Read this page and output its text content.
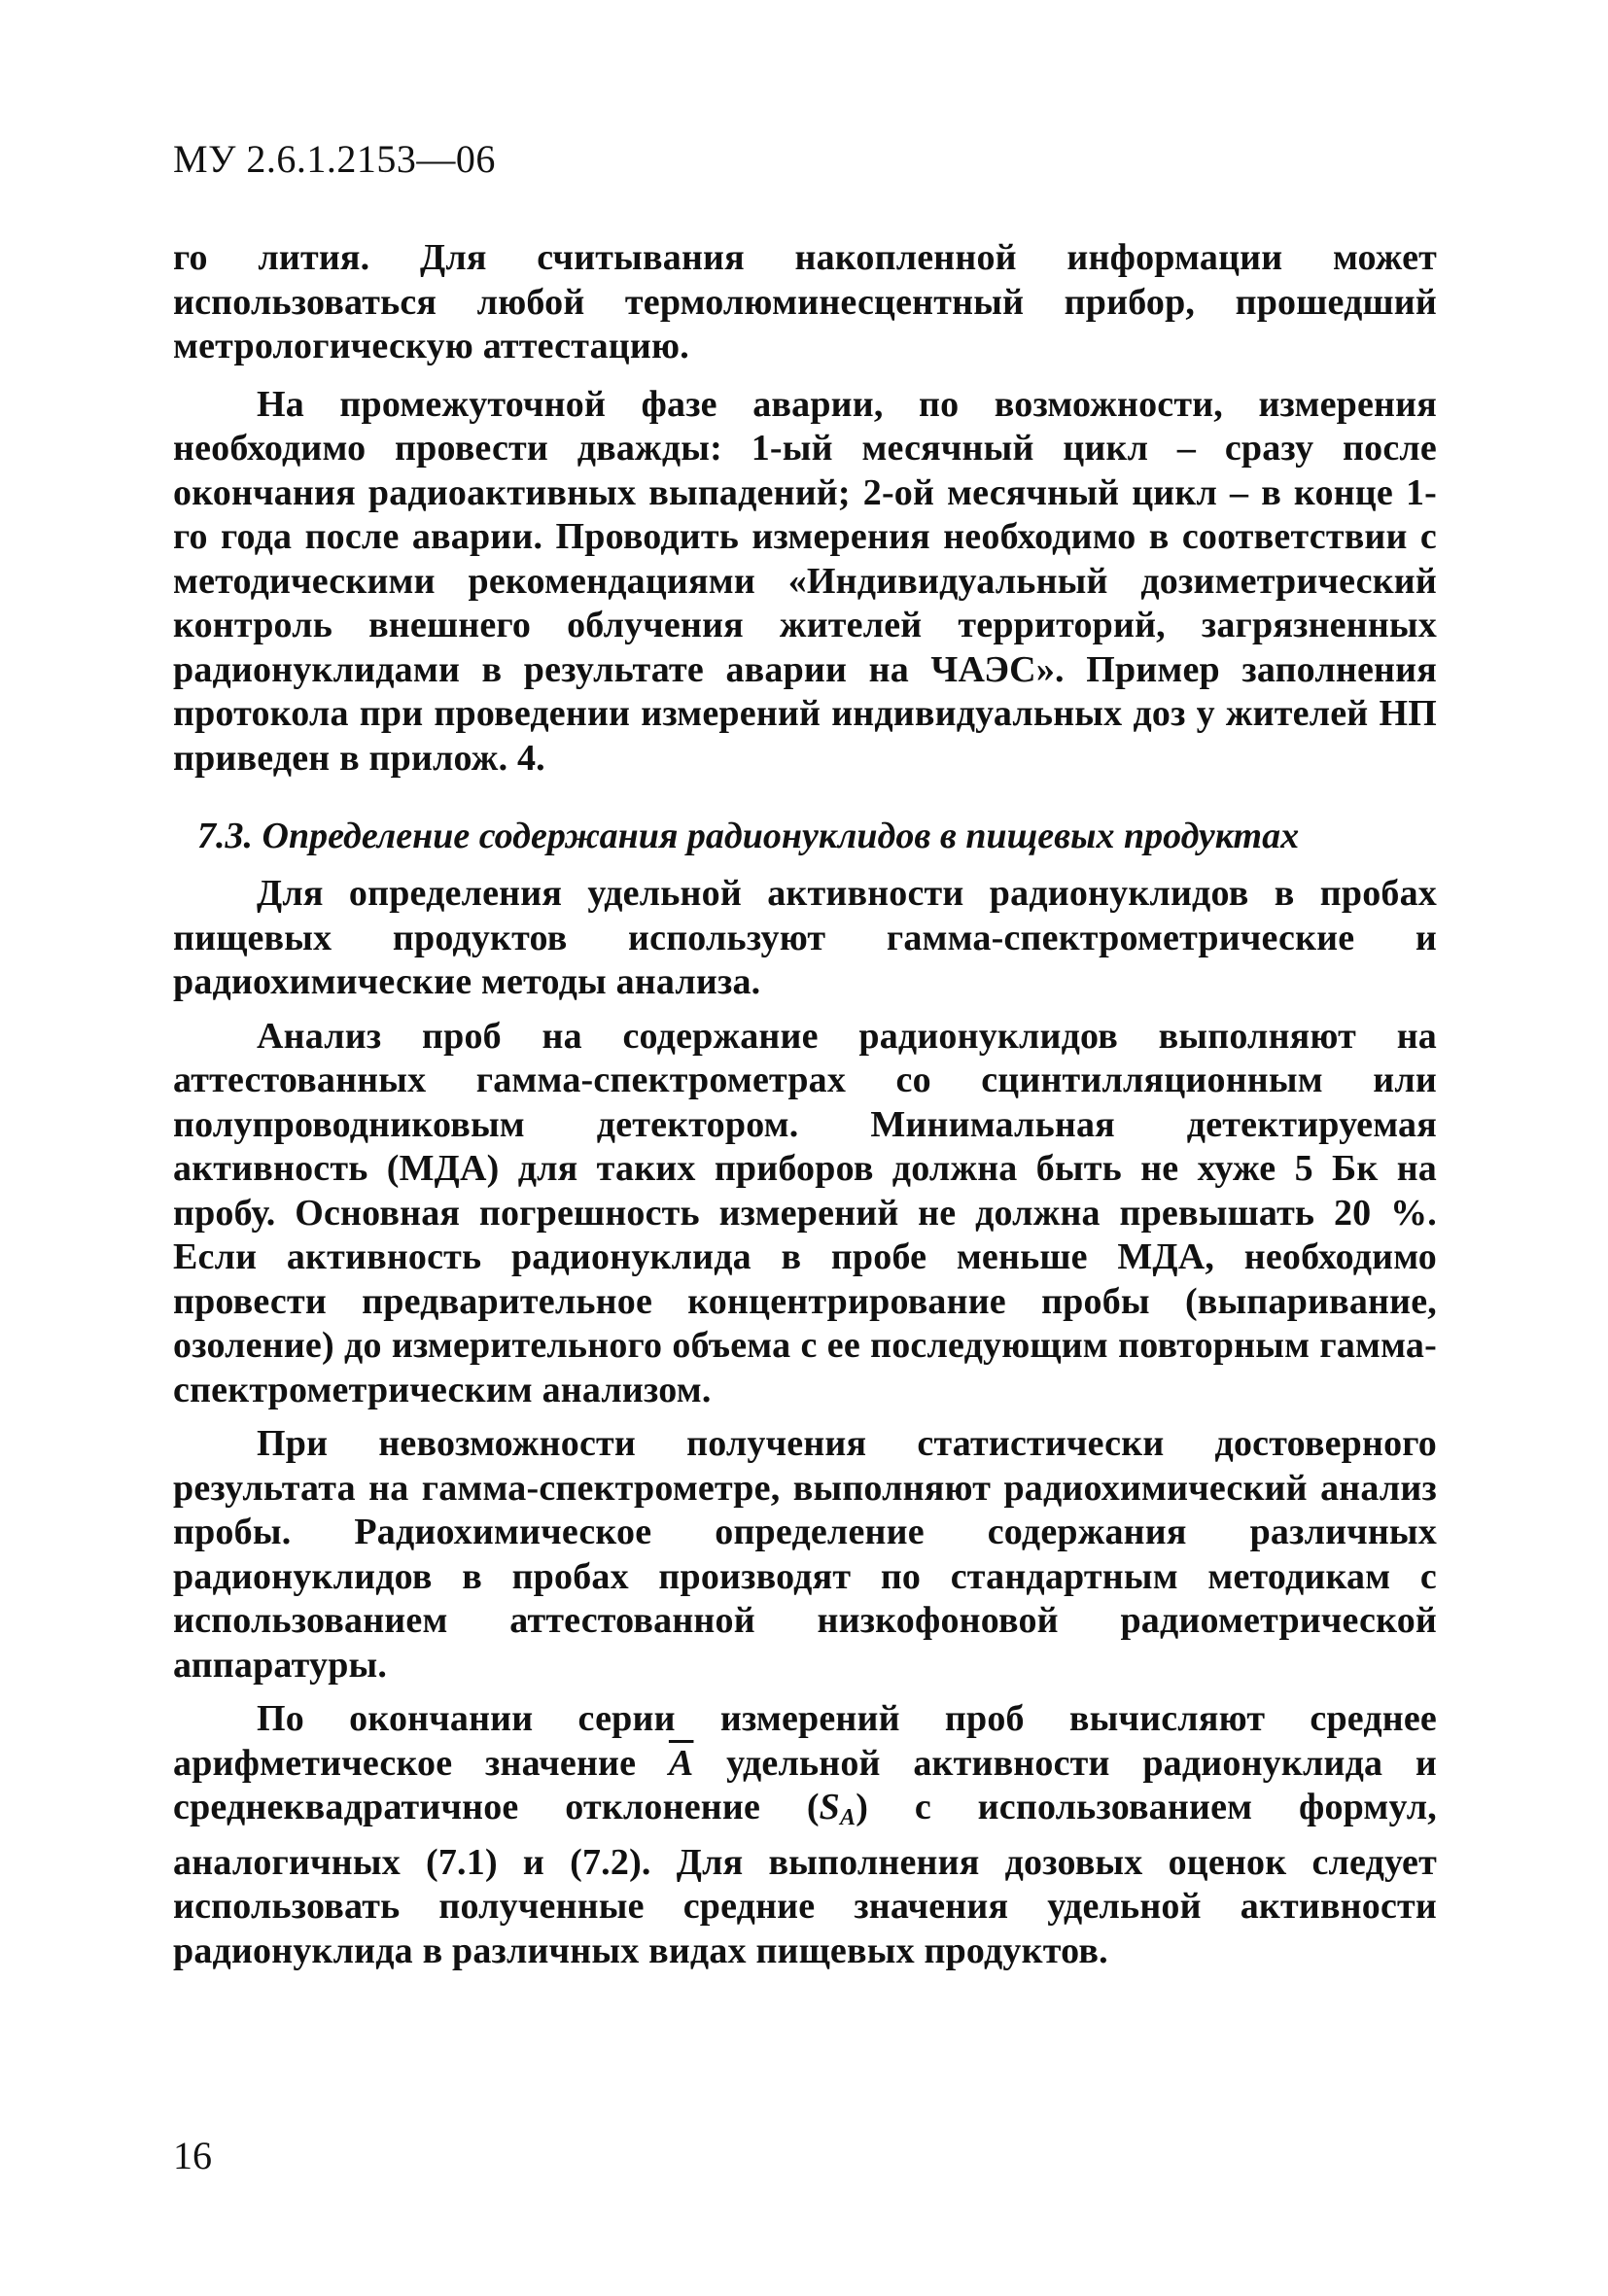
МУ 2.6.1.2153—06

го лития. Для считывания накопленной информации может использоваться любой термолюминесцентный прибор, прошедший метрологическую аттестацию.

На промежуточной фазе аварии, по возможности, измерения необходимо провести дважды: 1-ый месячный цикл – сразу после окончания радиоактивных выпадений; 2-ой месячный цикл – в конце 1-го года после аварии. Проводить измерения необходимо в соответствии с методическими рекомендациями «Индивидуальный дозиметрический контроль внешнего облучения жителей территорий, загрязненных радионуклидами в результате аварии на ЧАЭС». Пример заполнения протокола при проведении измерений индивидуальных доз у жителей НП приведен в прилож. 4.

7.3. Определение содержания радионуклидов в пищевых продуктах

Для определения удельной активности радионуклидов в пробах пищевых продуктов используют гамма-спектрометрические и радиохимические методы анализа.

Анализ проб на содержание радионуклидов выполняют на аттестованных гамма-спектрометрах со сцинтилляционным или полупроводниковым детектором. Минимальная детектируемая активность (МДА) для таких приборов должна быть не хуже 5 Бк на пробу. Основная погрешность измерений не должна превышать 20 %. Если активность радионуклида в пробе меньше МДА, необходимо провести предварительное концентрирование пробы (выпаривание, озоление) до измерительного объема с ее последующим повторным гамма-спектрометрическим анализом.

При невозможности получения статистически достоверного результата на гамма-спектрометре, выполняют радиохимический анализ пробы. Радиохимическое определение содержания различных радионуклидов в пробах производят по стандартным методикам с использованием аттестованной низкофоновой радиометрической аппаратуры.

По окончании серии измерений проб вычисляют среднее арифметическое значение $\overline{A}$ удельной активности радионуклида и среднеквадратичное отклонение $(S_A)$ с использованием формул, аналогичных (7.1) и (7.2). Для выполнения дозовых оценок следует использовать полученные средние значения удельной активности радионуклида в различных видах пищевых продуктов.

16
